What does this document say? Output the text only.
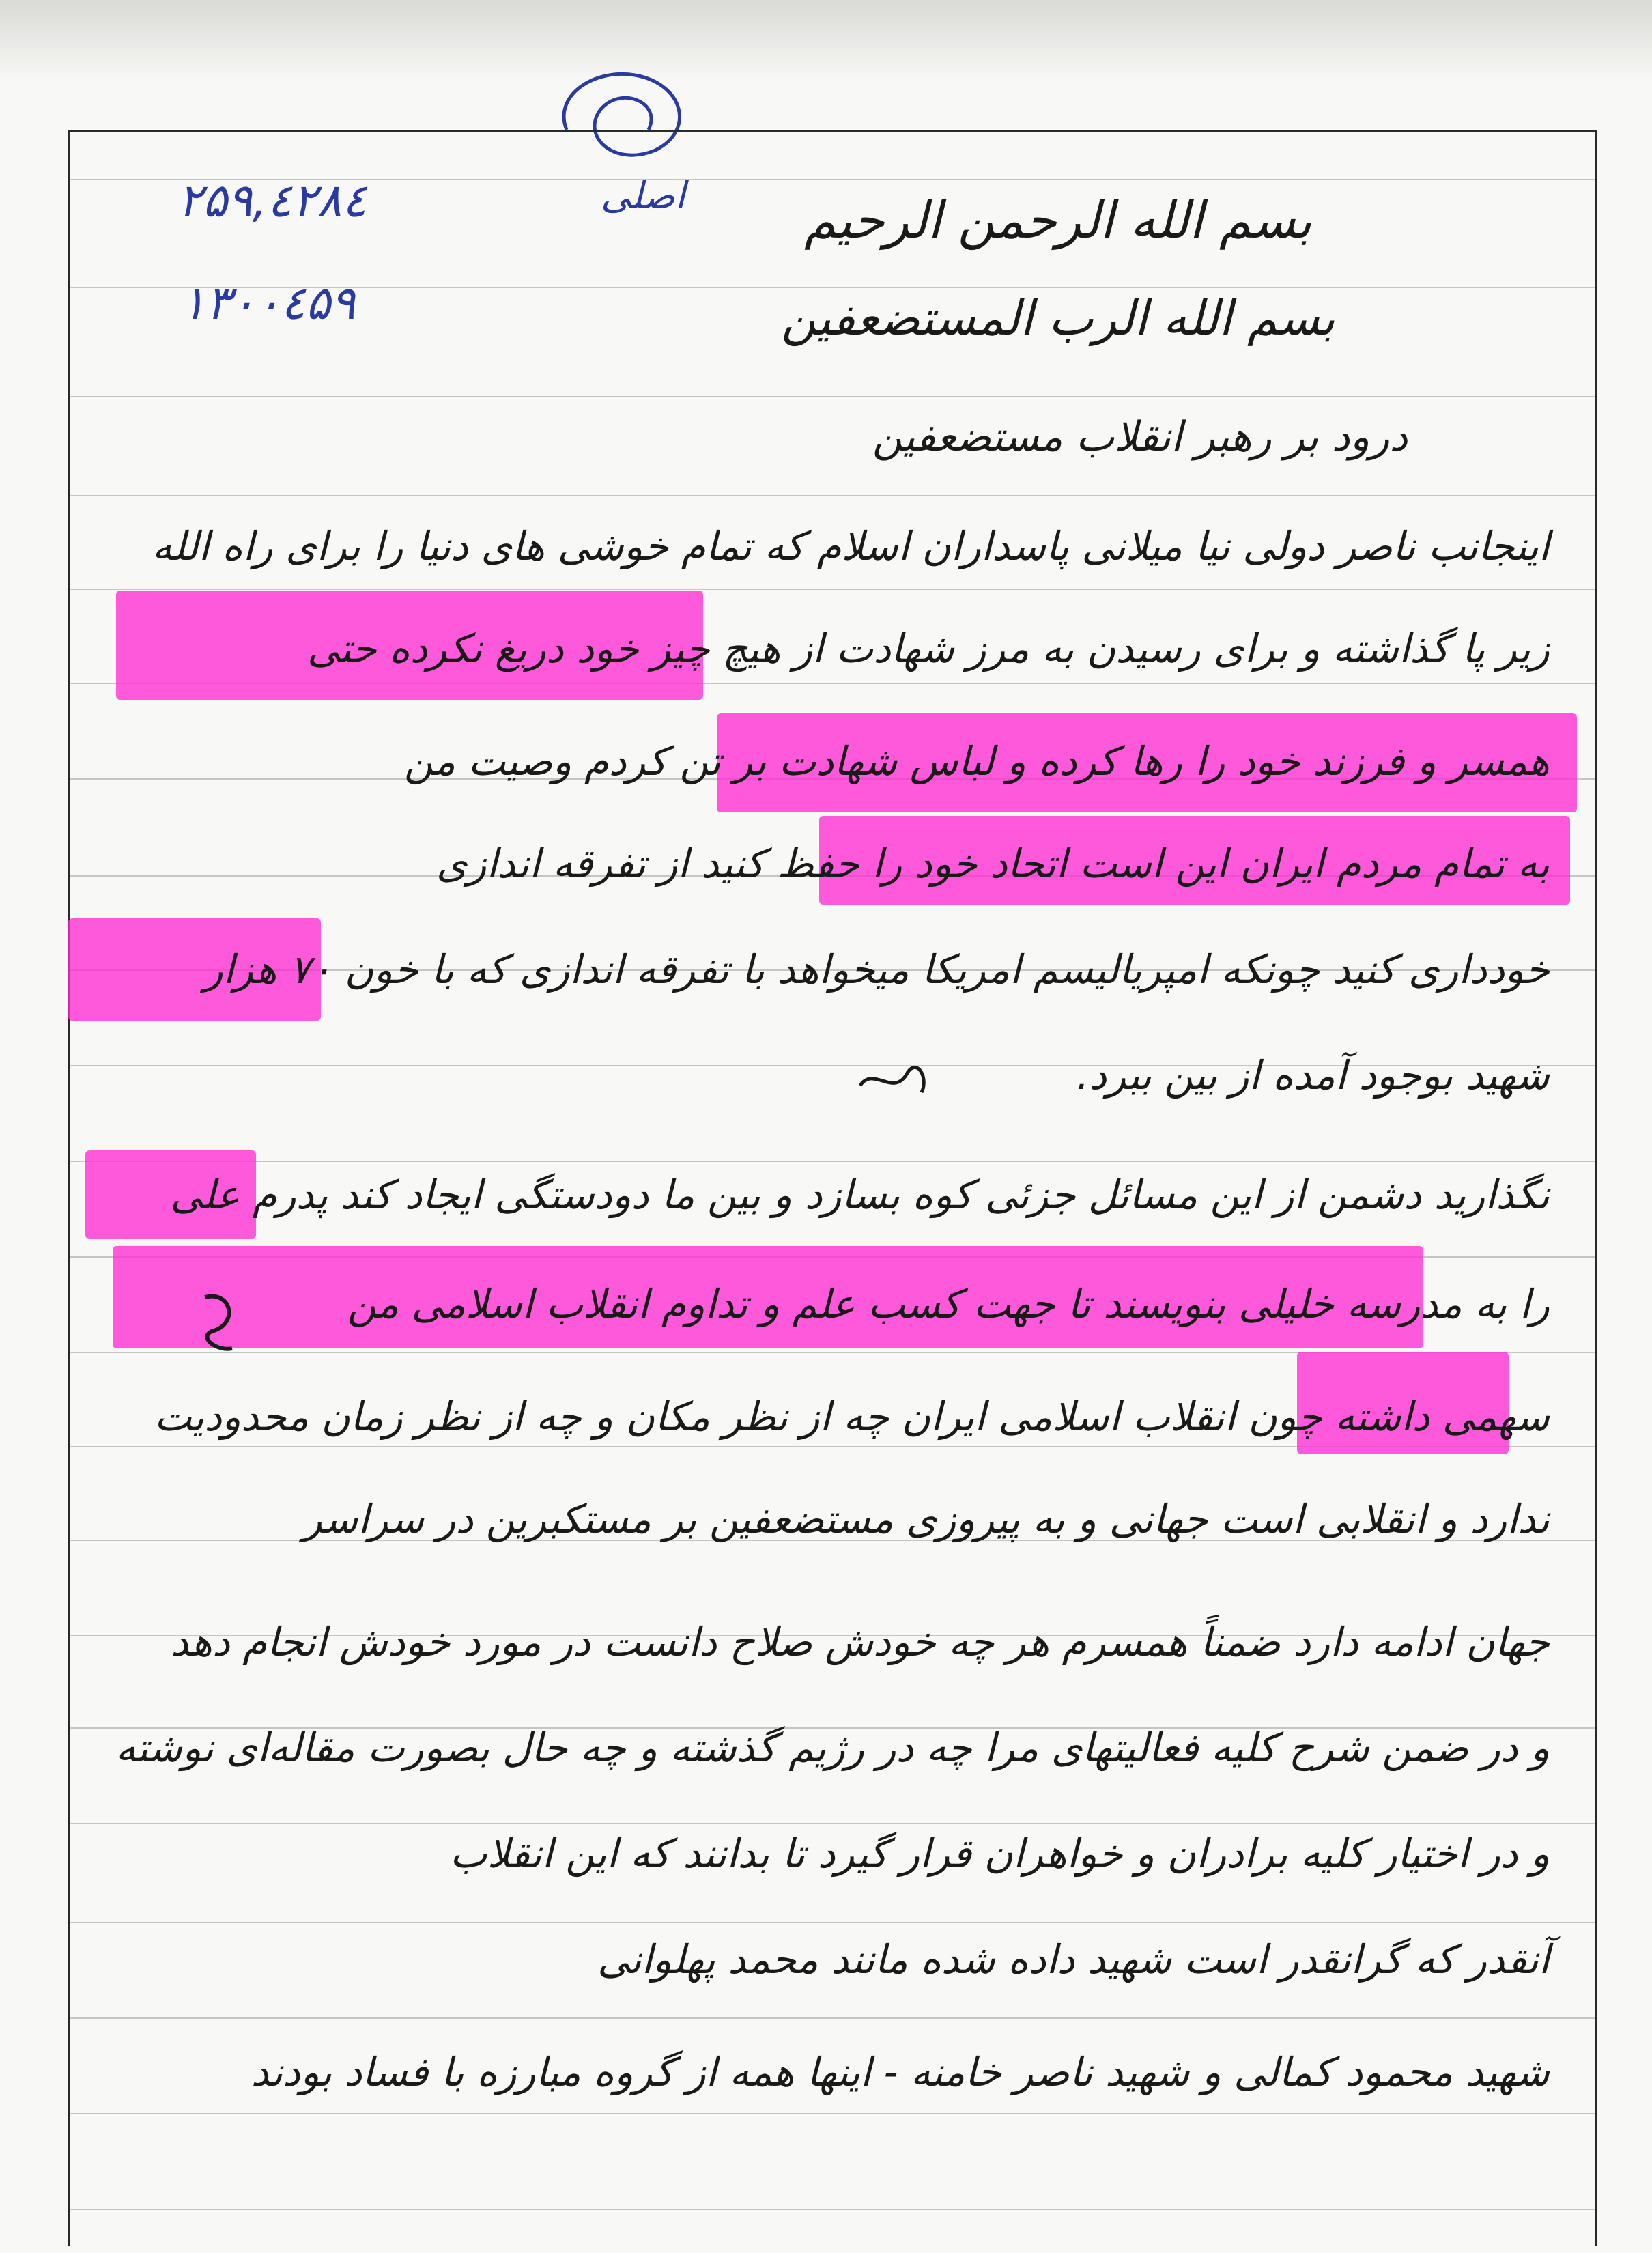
۲۵۹,٤۲۸٤
۱۳۰۰٤۵۹
اصلی	بسم الله الرحمن الرحیم
بسم الله الرب المستضعفین
درود بر رهبر انقلاب مستضعفین
اینجانب ناصر دولی نیا میلانی پاسداران اسلام که تمام خوشی های دنیا را برای راه الله
زیر پا گذاشته و برای رسیدن به مرز شهادت از هیچ چیز خود دریغ نکرده حتی
همسر و فرزند خود را رها کرده و لباس شهادت بر تن کردم وصیت من
به تمام مردم ایران این است اتحاد خود را حفظ کنید از تفرقه اندازی
خودداری کنید چونکه امپریالیسم امریکا میخواهد با تفرقه اندازی که با خون ۷۰ هزار
شهید بوجود آمده از بین ببرد.
نگذارید دشمن از این مسائل جزئی کوه بسازد و بین ما دودستگی ایجاد کند پدرم علی
را به مدرسه خلیلی بنویسند تا جهت کسب علم و تداوم انقلاب اسلامی من
سهمی داشته چون انقلاب اسلامی ایران چه از نظر مکان و چه از نظر زمان محدودیت
ندارد و انقلابی است جهانی و به پیروزی مستضعفین بر مستکبرین در سراسر
جهان ادامه دارد ضمناً همسرم هر چه خودش صلاح دانست در مورد خودش انجام دهد
و در ضمن شرح کلیه فعالیتهای مرا چه در رژیم گذشته و چه حال بصورت مقاله‌ای نوشته
و در اختیار کلیه برادران و خواهران قرار گیرد تا بدانند که این انقلاب
آنقدر که گرانقدر است شهید داده شده مانند محمد پهلوانی
شهید محمود کمالی و شهید ناصر خامنه - اینها همه از گروه مبارزه با فساد بودند
